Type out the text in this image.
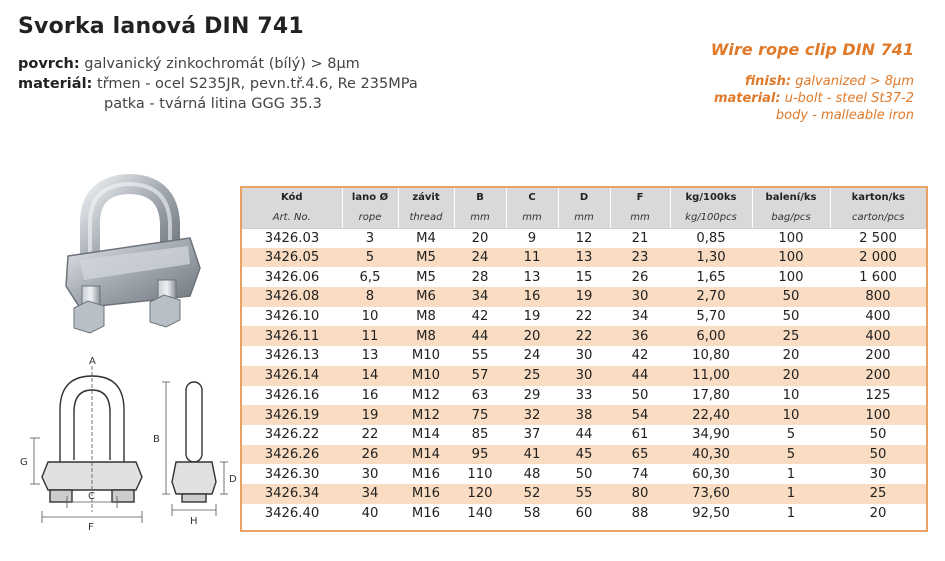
Svorka lanová DIN 741
povrch: galvanický zinkochromát (bílý) > 8µm
materiál: třmen - ocel S235JR, pevn.tř.4.6, Re 235MPa
patka - tvárná litina GGG 35.3
Wire rope clip DIN 741
finish: galvanized > 8µm
material: u-bolt - steel St37-2
body - malleable iron
A
G
C
F
B
D
H
Kód	lano Ø	závit	B	C	D	F	kg/100ks	balení/ks	karton/ks
Art. No.	rope	thread	mm	mm	mm	mm	kg/100pcs	bag/pcs	carton/pcs
3426.03	3	M4	20	9	12	21	0,85	100	2 500
3426.05	5	M5	24	11	13	23	1,30	100	2 000
3426.06	6,5	M5	28	13	15	26	1,65	100	1 600
3426.08	8	M6	34	16	19	30	2,70	50	800
3426.10	10	M8	42	19	22	34	5,70	50	400
3426.11	11	M8	44	20	22	36	6,00	25	400
3426.13	13	M10	55	24	30	42	10,80	20	200
3426.14	14	M10	57	25	30	44	11,00	20	200
3426.16	16	M12	63	29	33	50	17,80	10	125
3426.19	19	M12	75	32	38	54	22,40	10	100
3426.22	22	M14	85	37	44	61	34,90	5	50
3426.26	26	M14	95	41	45	65	40,30	5	50
3426.30	30	M16	110	48	50	74	60,30	1	30
3426.34	34	M16	120	52	55	80	73,60	1	25
3426.40	40	M16	140	58	60	88	92,50	1	20
